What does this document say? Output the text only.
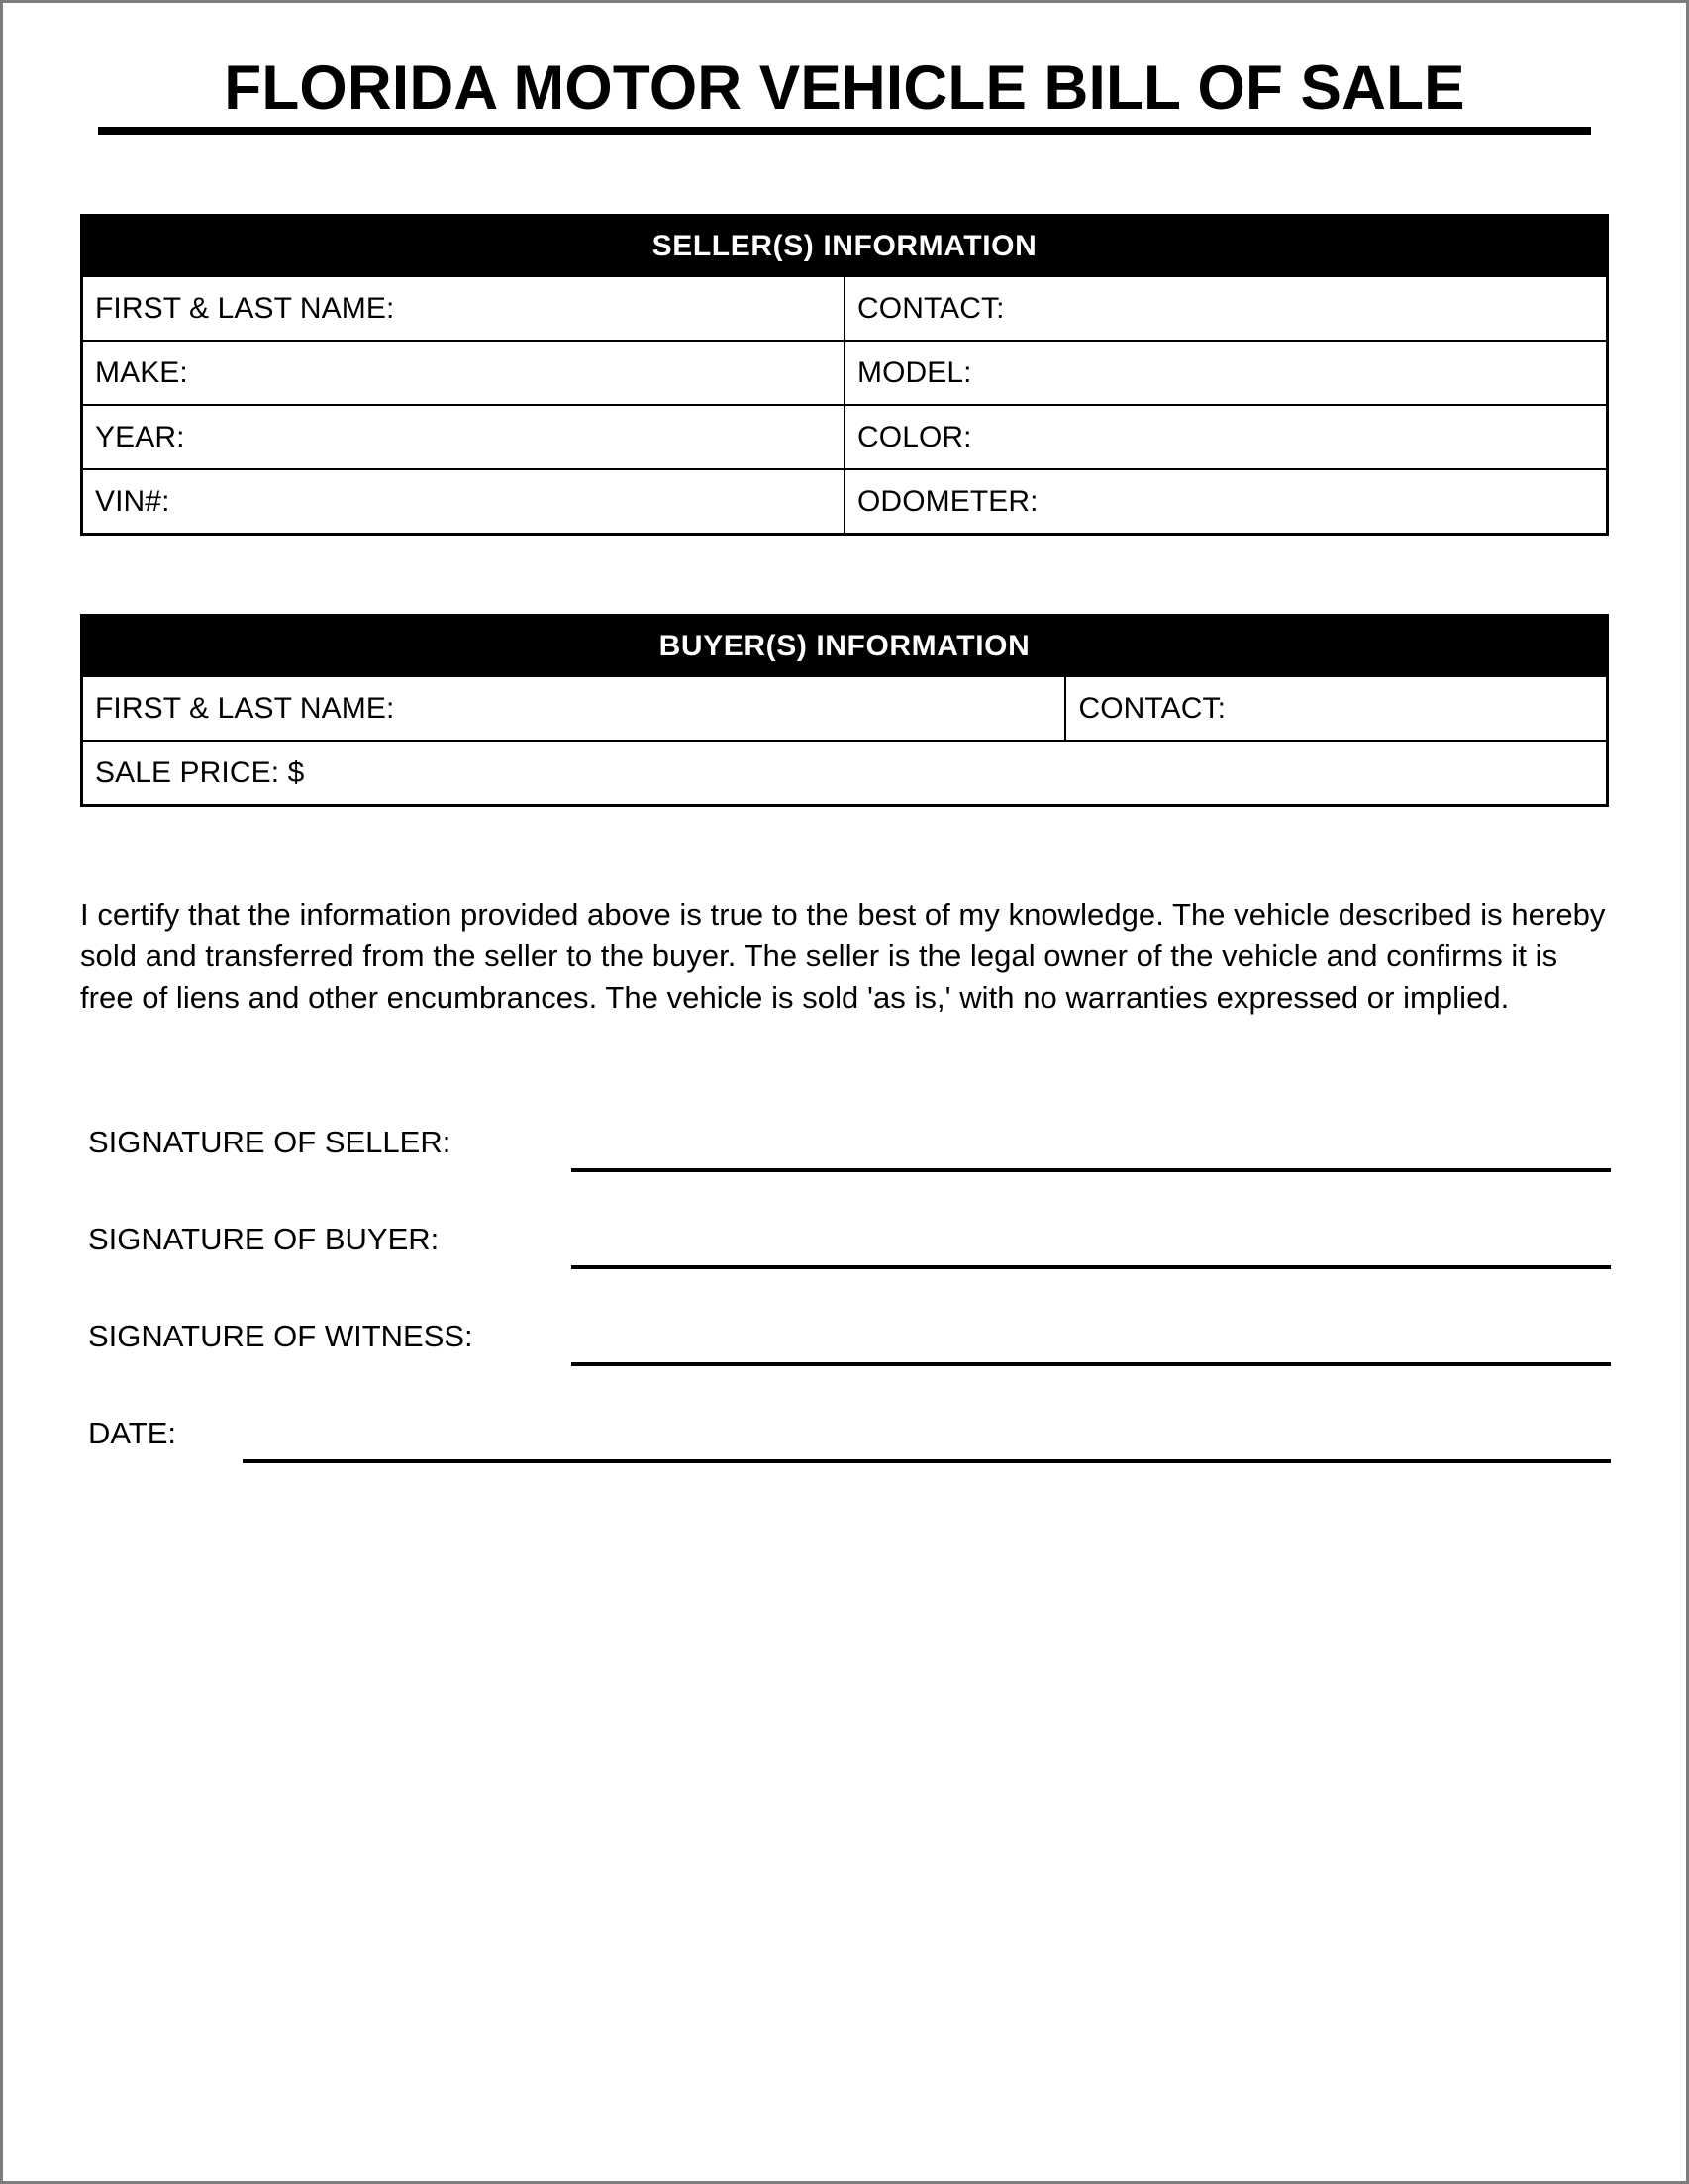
FLORIDA MOTOR VEHICLE BILL OF SALE
SELLER(S) INFORMATION	
FIRST & LAST NAME:	CONTACT:
MAKE:	MODEL:
YEAR:	COLOR:
VIN#:	ODOMETER:
BUYER(S) INFORMATION
FIRST & LAST NAME:	CONTACT:
SALE PRICE: $

I certify that the information provided above is true to the best of my knowledge. The vehicle described is hereby sold and transferred from the seller to the buyer. The seller is the legal owner of the vehicle and confirms it is free of liens and other encumbrances. The vehicle is sold 'as is,' with no warranties expressed or implied.

SIGNATURE OF SELLER:
SIGNATURE OF BUYER:
SIGNATURE OF WITNESS:
DATE:
